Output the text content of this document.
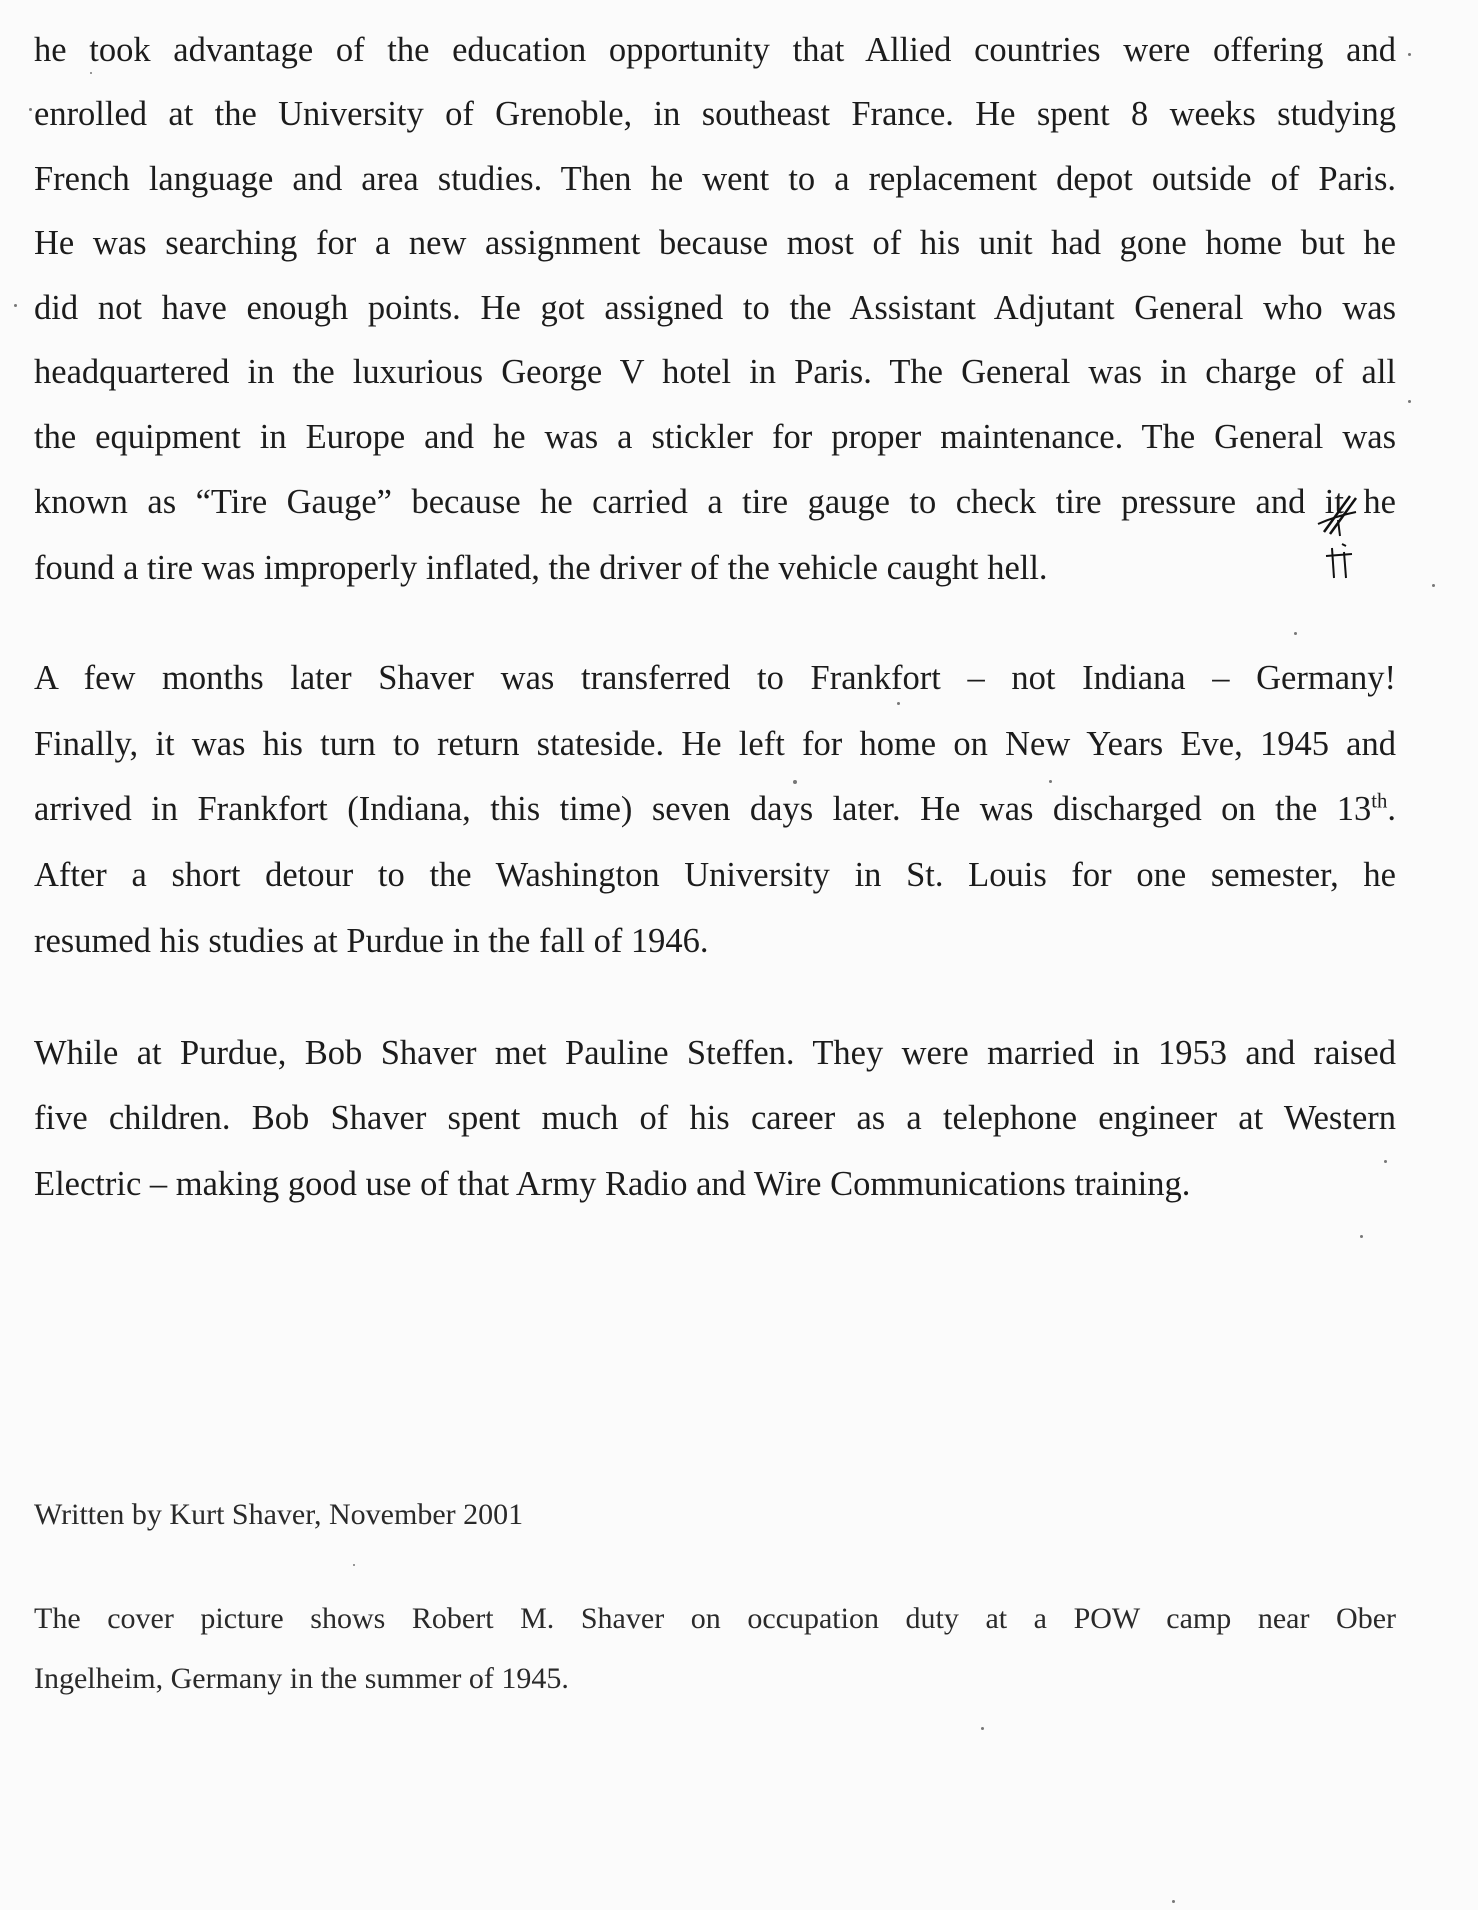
he took advantage of the education opportunity that Allied countries were offering and
enrolled at the University of Grenoble, in southeast France. He spent 8 weeks studying
French language and area studies. Then he went to a replacement depot outside of Paris.
He was searching for a new assignment because most of his unit had gone home but he
did not have enough points. He got assigned to the Assistant Adjutant General who was
headquartered in the luxurious George V hotel in Paris. The General was in charge of all
the equipment in Europe and he was a stickler for proper maintenance. The General was
known as “Tire Gauge” because he carried a tire gauge to check tire pressure and it he
found a tire was improperly inflated, the driver of the vehicle caught hell.
A few months later Shaver was transferred to Frankfort – not Indiana – Germany!
Finally, it was his turn to return stateside. He left for home on New Years Eve, 1945 and
arrived in Frankfort (Indiana, this time) seven days later. He was discharged on the 13th.
After a short detour to the Washington University in St. Louis for one semester, he
resumed his studies at Purdue in the fall of 1946.
While at Purdue, Bob Shaver met Pauline Steffen. They were married in 1953 and raised
five children. Bob Shaver spent much of his career as a telephone engineer at Western
Electric – making good use of that Army Radio and Wire Communications training.
Written by Kurt Shaver, November 2001
The cover picture shows Robert M. Shaver on occupation duty at a POW camp near Ober
Ingelheim, Germany in the summer of 1945.
